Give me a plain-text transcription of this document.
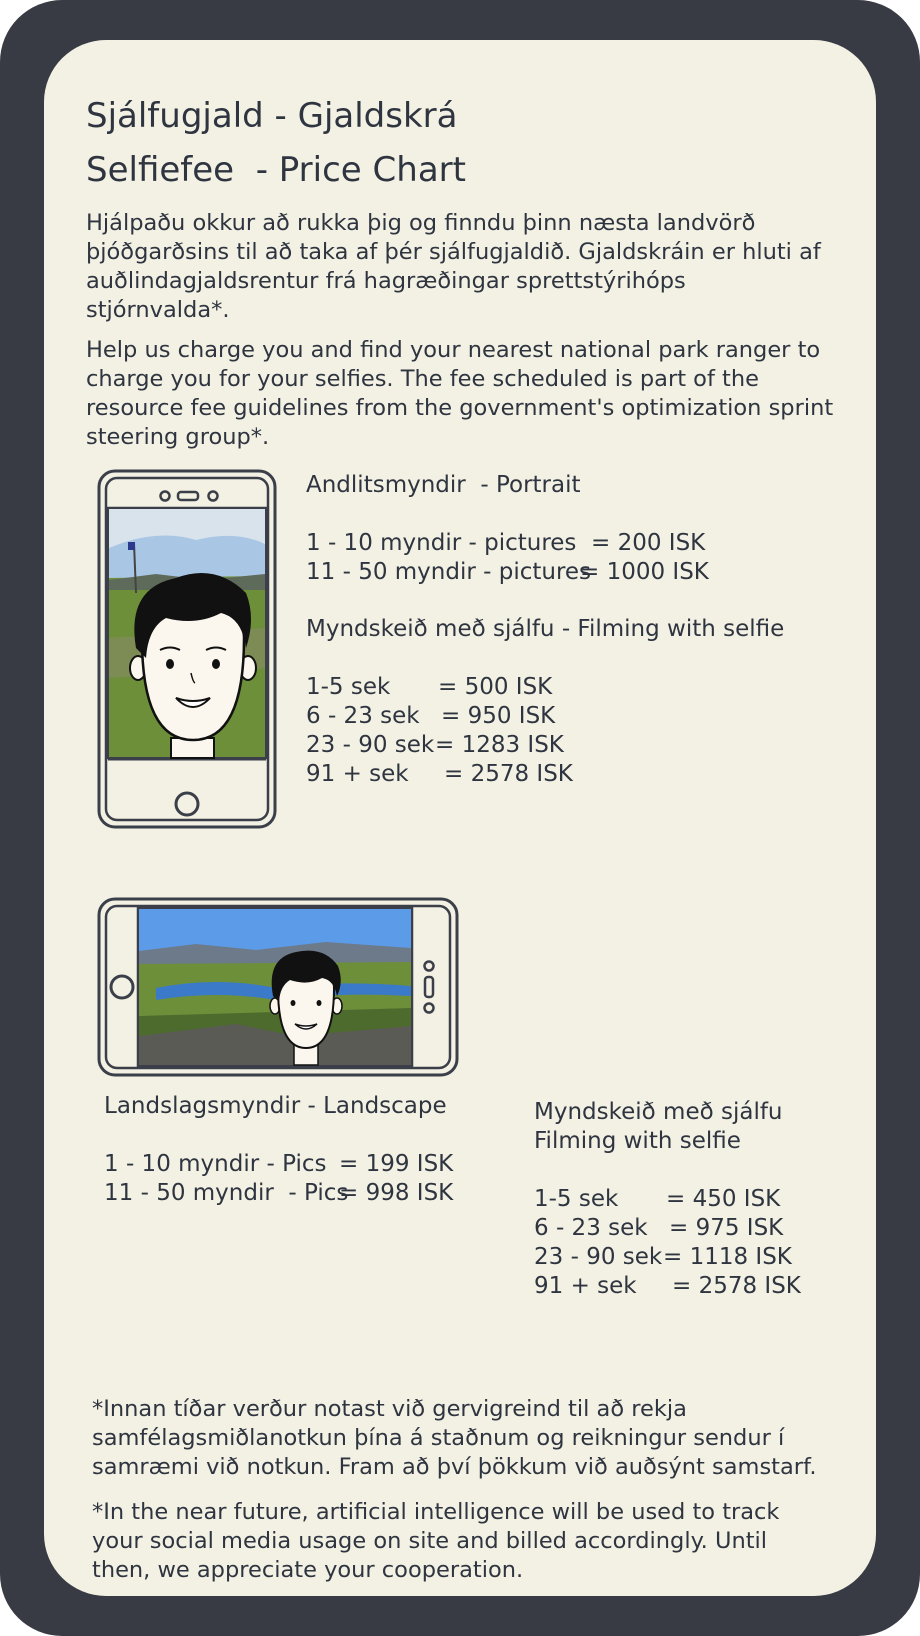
Sjálfugjald - Gjaldskrá
Selfiefee  - Price Chart
Hjálpaðu okkur að rukka þig og finndu þinn næsta landvörð þjóðgarðsins til að taka af þér sjálfugjaldið. Gjaldskráin er hluti af auðlindagjaldsrentur frá hagræðingar sprettstýrihóps stjórnvalda*.
Help us charge you and find your nearest national park ranger to charge you for your selfies. The fee scheduled is part of the resource fee guidelines from the government's optimization sprint steering group*.
Andlitsmyndir  - Portrait
1 - 10 myndir - pictures = 200 ISK
11 - 50 myndir - pictures= 1000 ISK
Myndskeið með sjálfu - Filming with selfie
1-5 sek = 500 ISK
6 - 23 sek = 950 ISK
23 - 90 sek= 1283 ISK
91 + sek = 2578 ISK
Landslagsmyndir - Landscape
1 - 10 myndir - Pics = 199 ISK
11 - 50 myndir  - Pics= 998 ISK
Myndskeið með sjálfu
Filming with selfie
1-5 sek = 450 ISK
6 - 23 sek = 975 ISK
23 - 90 sek= 1118 ISK
91 + sek = 2578 ISK
*Innan tíðar verður notast við gervigreind til að rekja samfélagsmiðlanotkun þína á staðnum og reikningur sendur í samræmi við notkun. Fram að því þökkum við auðsýnt samstarf.
*In the near future, artificial intelligence will be used to track your social media usage on site and billed accordingly. Until then, we appreciate your cooperation.
